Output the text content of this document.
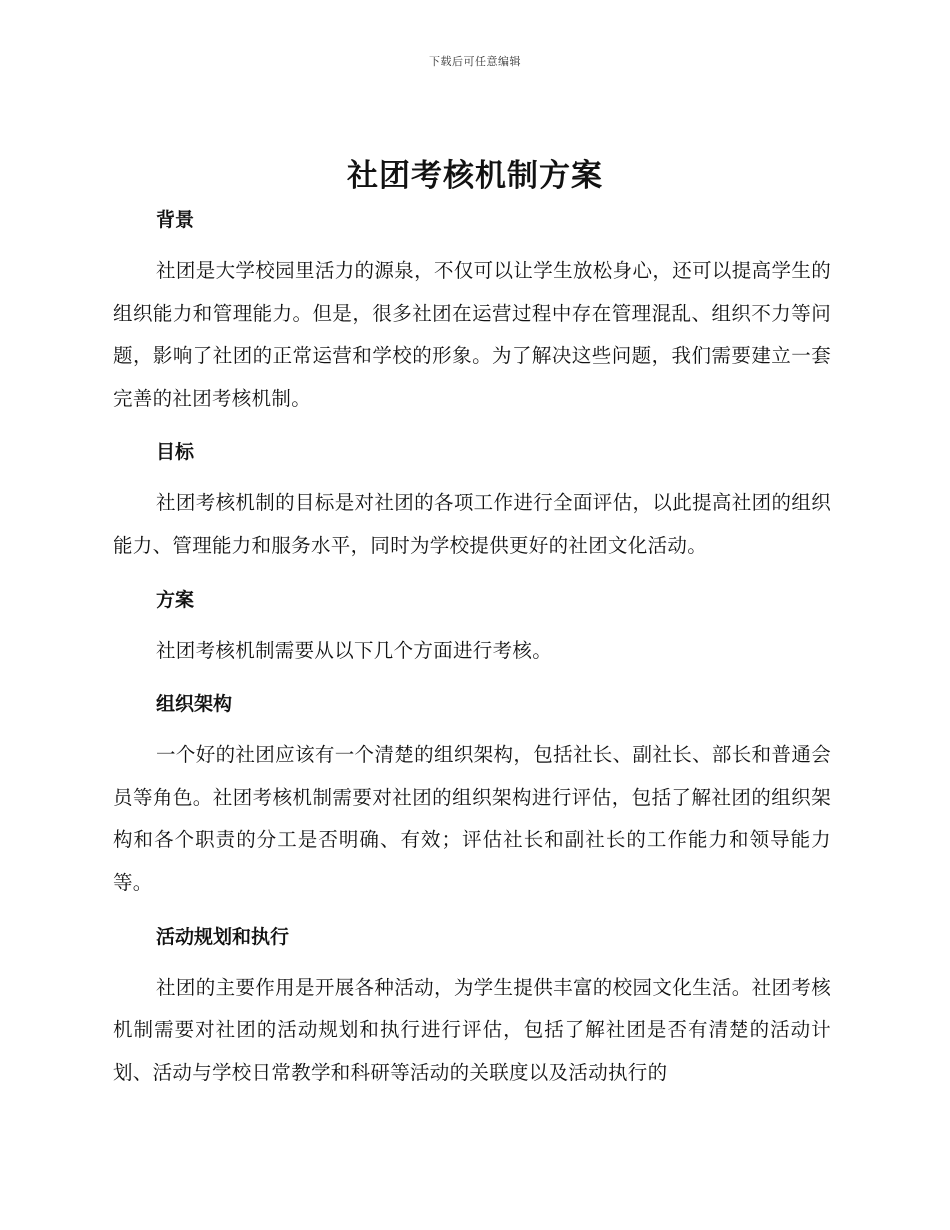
下载后可任意编辑
社团考核机制方案
背景

社团是大学校园里活力的源泉，不仅可以让学生放松身心，还可以提高学生的组织能力和管理能力。但是，很多社团在运营过程中存在管理混乱、组织不力等问题，影响了社团的正常运营和学校的形象。为了解决这些问题，我们需要建立一套完善的社团考核机制。

目标

社团考核机制的目标是对社团的各项工作进行全面评估，以此提高社团的组织能力、管理能力和服务水平，同时为学校提供更好的社团文化活动。

方案

社团考核机制需要从以下几个方面进行考核。

组织架构

一个好的社团应该有一个清楚的组织架构，包括社长、副社长、部长和普通会员等角色。社团考核机制需要对社团的组织架构进行评估，包括了解社团的组织架构和各个职责的分工是否明确、有效；评估社长和副社长的工作能力和领导能力等。

活动规划和执行

社团的主要作用是开展各种活动，为学生提供丰富的校园文化生活。社团考核机制需要对社团的活动规划和执行进行评估，包括了解社团是否有清楚的活动计划、活动与学校日常教学和科研等活动的关联度以及活动执行的
